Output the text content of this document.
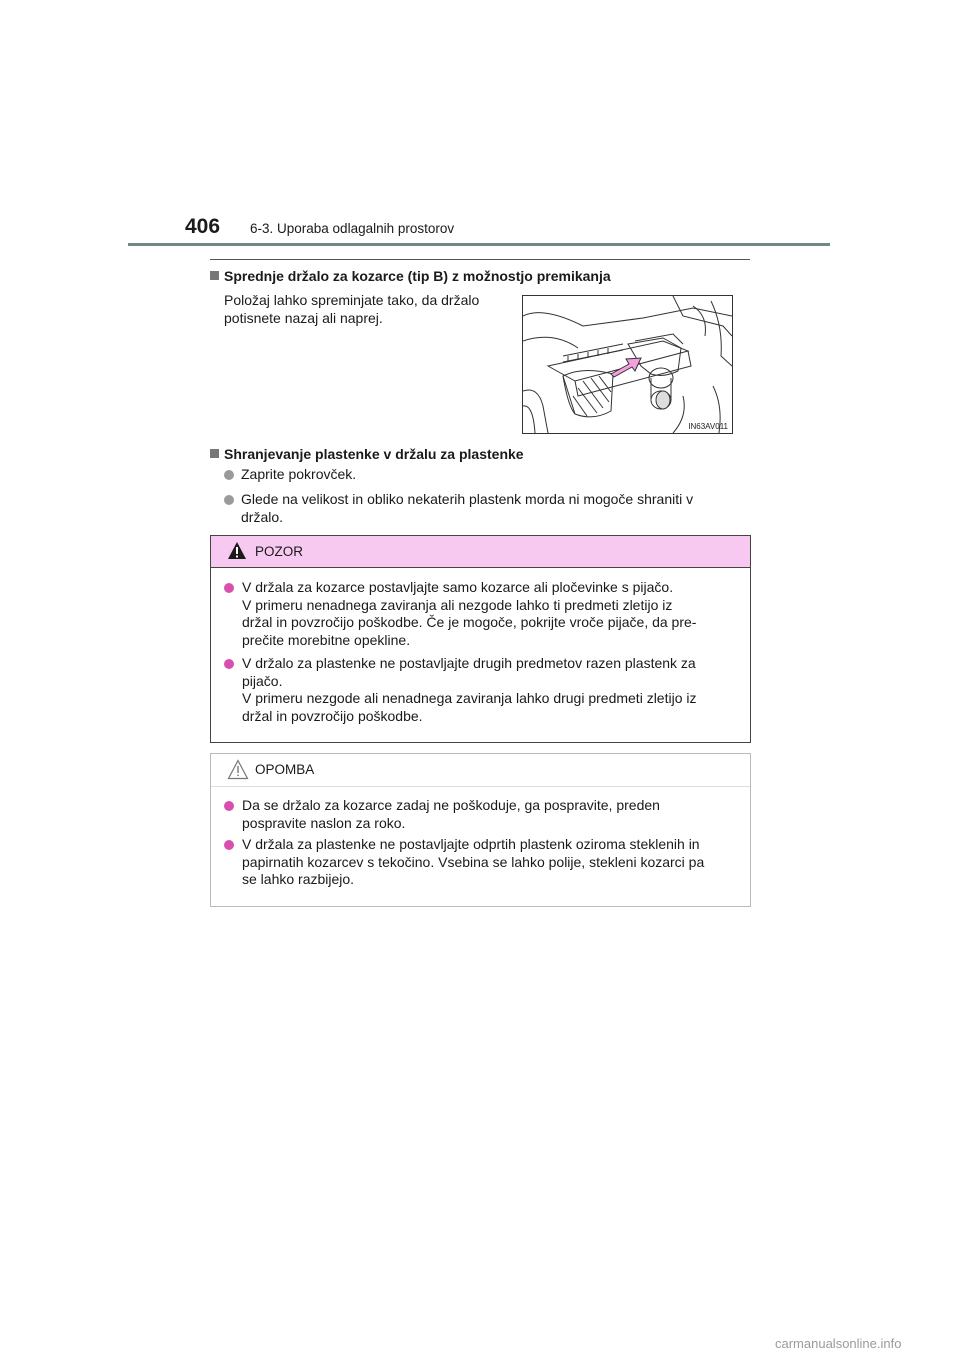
406 6-3. Uporaba odlagalnih prostorov
Sprednje držalo za kozarce (tip B) z možnostjo premikanja
Položaj lahko spreminjate tako, da držalo
potisnete nazaj ali naprej.
IN63AV011
Shranjevanje plastenke v držalu za plastenke
Zaprite pokrovček.
Glede na velikost in obliko nekaterih plastenk morda ni mogoče shraniti v
držalo.
POZOR
V držala za kozarce postavljajte samo kozarce ali pločevinke s pijačo.
V primeru nenadnega zaviranja ali nezgode lahko ti predmeti zletijo iz
držal in povzročijo poškodbe. Če je mogoče, pokrijte vroče pijače, da pre-
prečite morebitne opekline.
V držalo za plastenke ne postavljajte drugih predmetov razen plastenk za
pijačo.
V primeru nezgode ali nenadnega zaviranja lahko drugi predmeti zletijo iz
držal in povzročijo poškodbe.
OPOMBA
Da se držalo za kozarce zadaj ne poškoduje, ga pospravite, preden
pospravite naslon za roko.
V držala za plastenke ne postavljajte odprtih plastenk oziroma steklenih in
papirnatih kozarcev s tekočino. Vsebina se lahko polije, stekleni kozarci pa
se lahko razbijejo.
carmanualsonline.info
